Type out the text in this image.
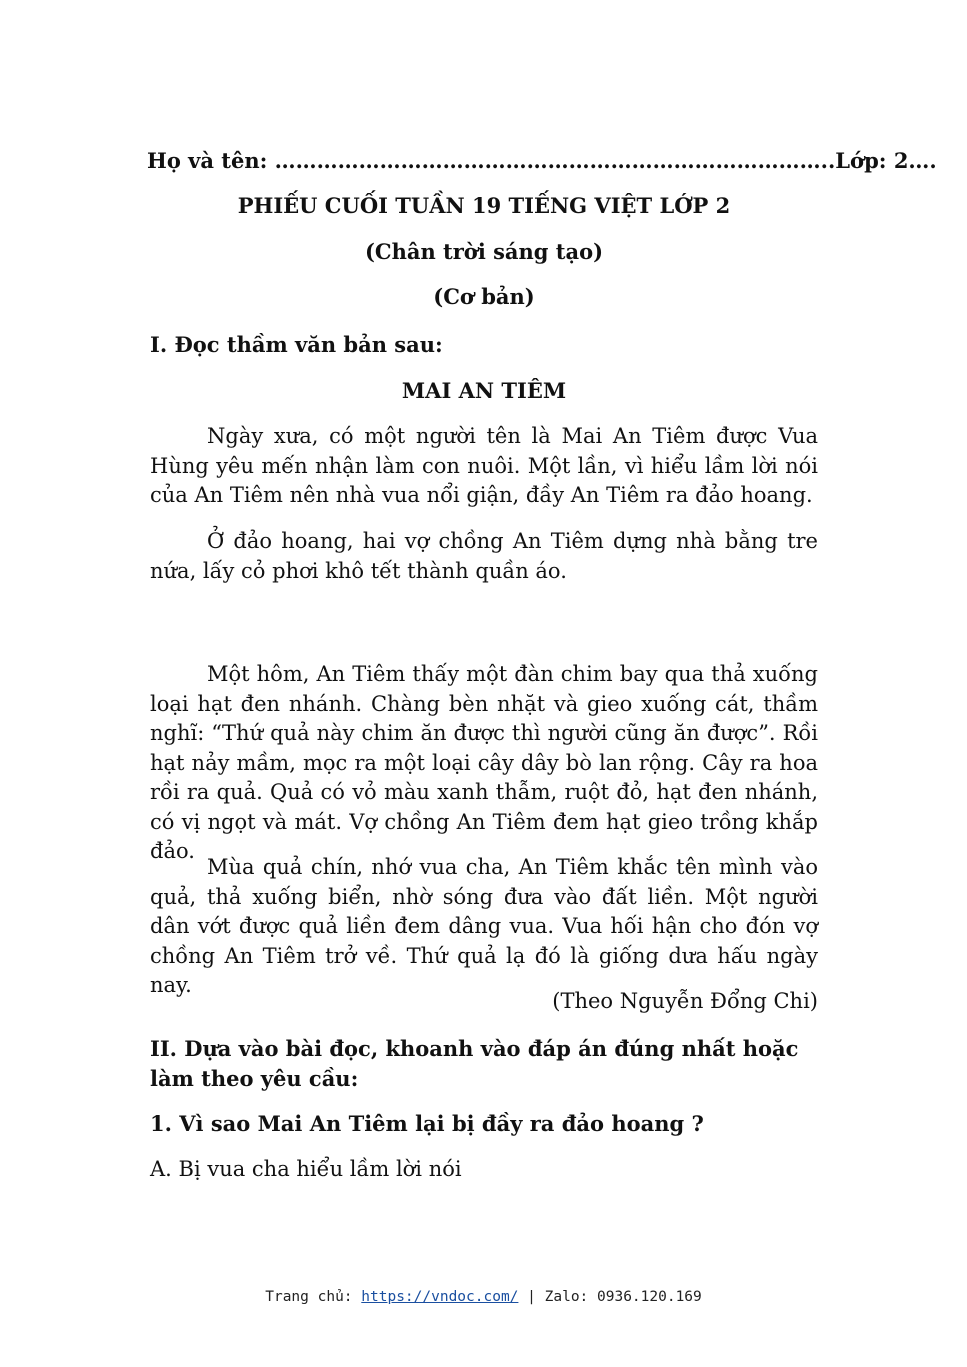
Họ và tên: ……………………………………………………………………..Lớp: 2….
PHIẾU CUỐI TUẦN 19 TIẾNG VIỆT LỚP 2
(Chân trời sáng tạo)
(Cơ bản)
I. Đọc thầm văn bản sau:
MAI AN TIÊM

Ngày xưa, có một người tên là Mai An Tiêm được Vua Hùng yêu mến nhận làm con nuôi. Một lần, vì hiểu lầm lời nói của An Tiêm nên nhà vua nổi giận, đầy An Tiêm ra đảo hoang.

Ở đảo hoang, hai vợ chồng An Tiêm dựng nhà bằng tre nứa, lấy cỏ phơi khô tết thành quần áo.

Một hôm, An Tiêm thấy một đàn chim bay qua thả xuống loại hạt đen nhánh. Chàng bèn nhặt và gieo xuống cát, thầm nghĩ: “Thứ quả này chim ăn được thì người cũng ăn được”. Rồi hạt nảy mầm, mọc ra một loại cây dây bò lan rộng. Cây ra hoa rồi ra quả. Quả có vỏ màu xanh thẫm, ruột đỏ, hạt đen nhánh, có vị ngọt và mát. Vợ chồng An Tiêm đem hạt gieo trồng khắp đảo.

Mùa quả chín, nhớ vua cha, An Tiêm khắc tên mình vào quả, thả xuống biển, nhờ sóng đưa vào đất liền. Một người dân vớt được quả liền đem dâng vua. Vua hối hận cho đón vợ chồng An Tiêm trở về. Thứ quả lạ đó là giống dưa hấu ngày nay.

(Theo Nguyễn Đổng Chi)
II. Dựa vào bài đọc, khoanh vào đáp án đúng nhất hoặc làm theo yêu cầu:
1. Vì sao Mai An Tiêm lại bị đầy ra đảo hoang ?
A. Bị vua cha hiểu lầm lời nói
Trang chủ: https://vndoc.com/ | Zalo: 0936.120.169
